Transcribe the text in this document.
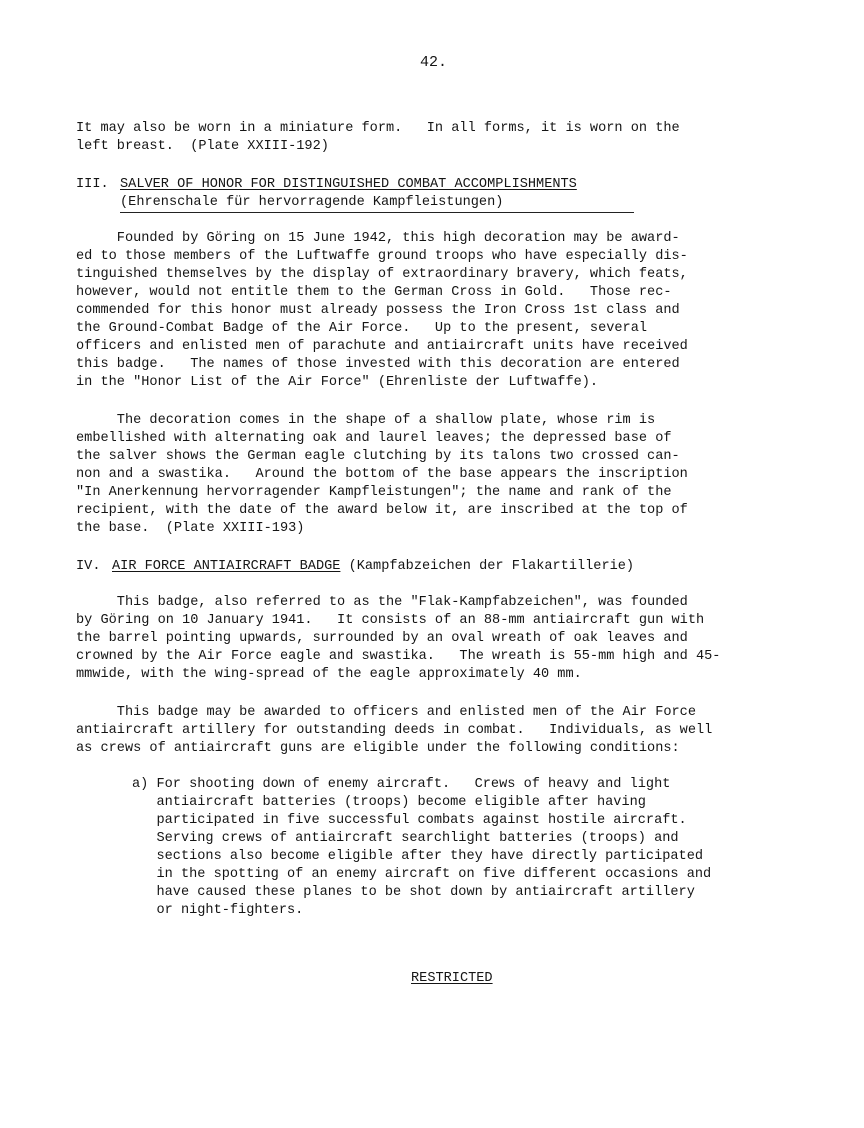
42.
It may also be worn in a miniature form.   In all forms, it is worn on the
left breast.  (Plate XXIII-192)
III. SALVER OF HONOR FOR DISTINGUISHED COMBAT ACCOMPLISHMENTS
(Ehrenschale für hervorragende Kampfleistungen)
Founded by Göring on 15 June 1942, this high decoration may be award-
ed to those members of the Luftwaffe ground troops who have especially dis-
tinguished themselves by the display of extraordinary bravery, which feats,
however, would not entitle them to the German Cross in Gold.   Those rec-
commended for this honor must already possess the Iron Cross 1st class and
the Ground-Combat Badge of the Air Force.   Up to the present, several
officers and enlisted men of parachute and antiaircraft units have received
this badge.   The names of those invested with this decoration are entered
in the "Honor List of the Air Force" (Ehrenliste der Luftwaffe).
The decoration comes in the shape of a shallow plate, whose rim is
embellished with alternating oak and laurel leaves; the depressed base of
the salver shows the German eagle clutching by its talons two crossed can-
non and a swastika.   Around the bottom of the base appears the inscription
"In Anerkennung hervorragender Kampfleistungen"; the name and rank of the
recipient, with the date of the award below it, are inscribed at the top of
the base.  (Plate XXIII-193)
IV. AIR FORCE ANTIAIRCRAFT BADGE (Kampfabzeichen der Flakartillerie)
This badge, also referred to as the "Flak-Kampfabzeichen", was founded
by Göring on 10 January 1941.   It consists of an 88-mm antiaircraft gun with
the barrel pointing upwards, surrounded by an oval wreath of oak leaves and
crowned by the Air Force eagle and swastika.   The wreath is 55-mm high and 45-
mmwide, with the wing-spread of the eagle approximately 40 mm.
This badge may be awarded to officers and enlisted men of the Air Force
antiaircraft artillery for outstanding deeds in combat.   Individuals, as well
as crews of antiaircraft guns are eligible under the following conditions:
a) For shooting down of enemy aircraft.   Crews of heavy and light
antiaircraft batteries (troops) become eligible after having
participated in five successful combats against hostile aircraft.
Serving crews of antiaircraft searchlight batteries (troops) and
sections also become eligible after they have directly participated
in the spotting of an enemy aircraft on five different occasions and
have caused these planes to be shot down by antiaircraft artillery
or night-fighters.
RESTRICTED
